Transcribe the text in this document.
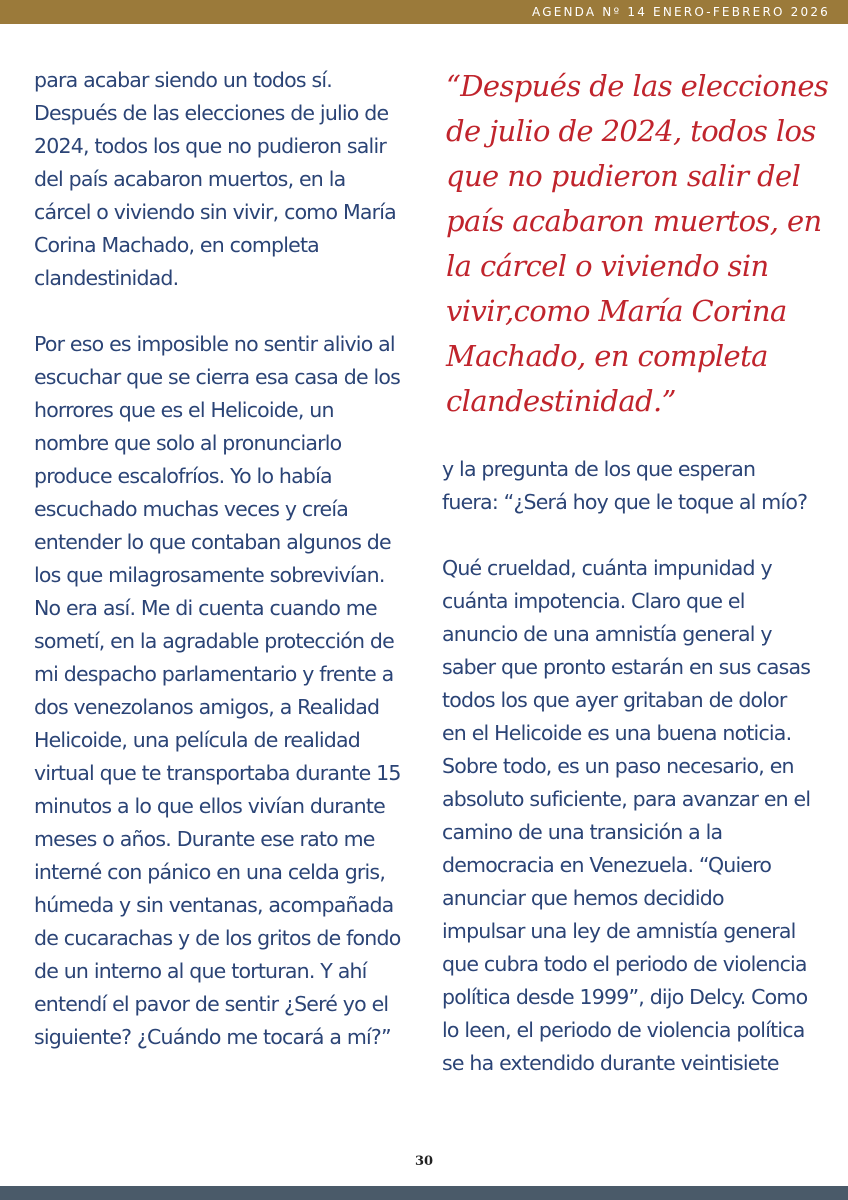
AGENDA Nº 14 ENERO-FEBRERO 2026
para acabar siendo un todos sí.
Después de las elecciones de julio de
2024, todos los que no pudieron salir
del país acabaron muertos, en la
cárcel o viviendo sin vivir, como María
Corina Machado, en completa
clandestinidad.
Por eso es imposible no sentir alivio al
escuchar que se cierra esa casa de los
horrores que es el Helicoide, un
nombre que solo al pronunciarlo
produce escalofríos. Yo lo había
escuchado muchas veces y creía
entender lo que contaban algunos de
los que milagrosamente sobrevivían.
No era así. Me di cuenta cuando me
sometí, en la agradable protección de
mi despacho parlamentario y frente a
dos venezolanos amigos, a Realidad
Helicoide, una película de realidad
virtual que te transportaba durante 15
minutos a lo que ellos vivían durante
meses o años. Durante ese rato me
interné con pánico en una celda gris,
húmeda y sin ventanas, acompañada
de cucarachas y de los gritos de fondo
de un interno al que torturan. Y ahí
entendí el pavor de sentir ¿Seré yo el
siguiente? ¿Cuándo me tocará a mí?”
“Después de las elecciones
de julio de 2024, todos los
que no pudieron salir del
país acabaron muertos, en
la cárcel o viviendo sin
vivir,como María Corina
Machado, en completa
clandestinidad.”
y la pregunta de los que esperan
fuera: “¿Será hoy que le toque al mío?
Qué crueldad, cuánta impunidad y
cuánta impotencia. Claro que el
anuncio de una amnistía general y
saber que pronto estarán en sus casas
todos los que ayer gritaban de dolor
en el Helicoide es una buena noticia.
Sobre todo, es un paso necesario, en
absoluto suficiente, para avanzar en el
camino de una transición a la
democracia en Venezuela. “Quiero
anunciar que hemos decidido
impulsar una ley de amnistía general
que cubra todo el periodo de violencia
política desde 1999”, dijo Delcy. Como
lo leen, el periodo de violencia política
se ha extendido durante veintisiete
30
